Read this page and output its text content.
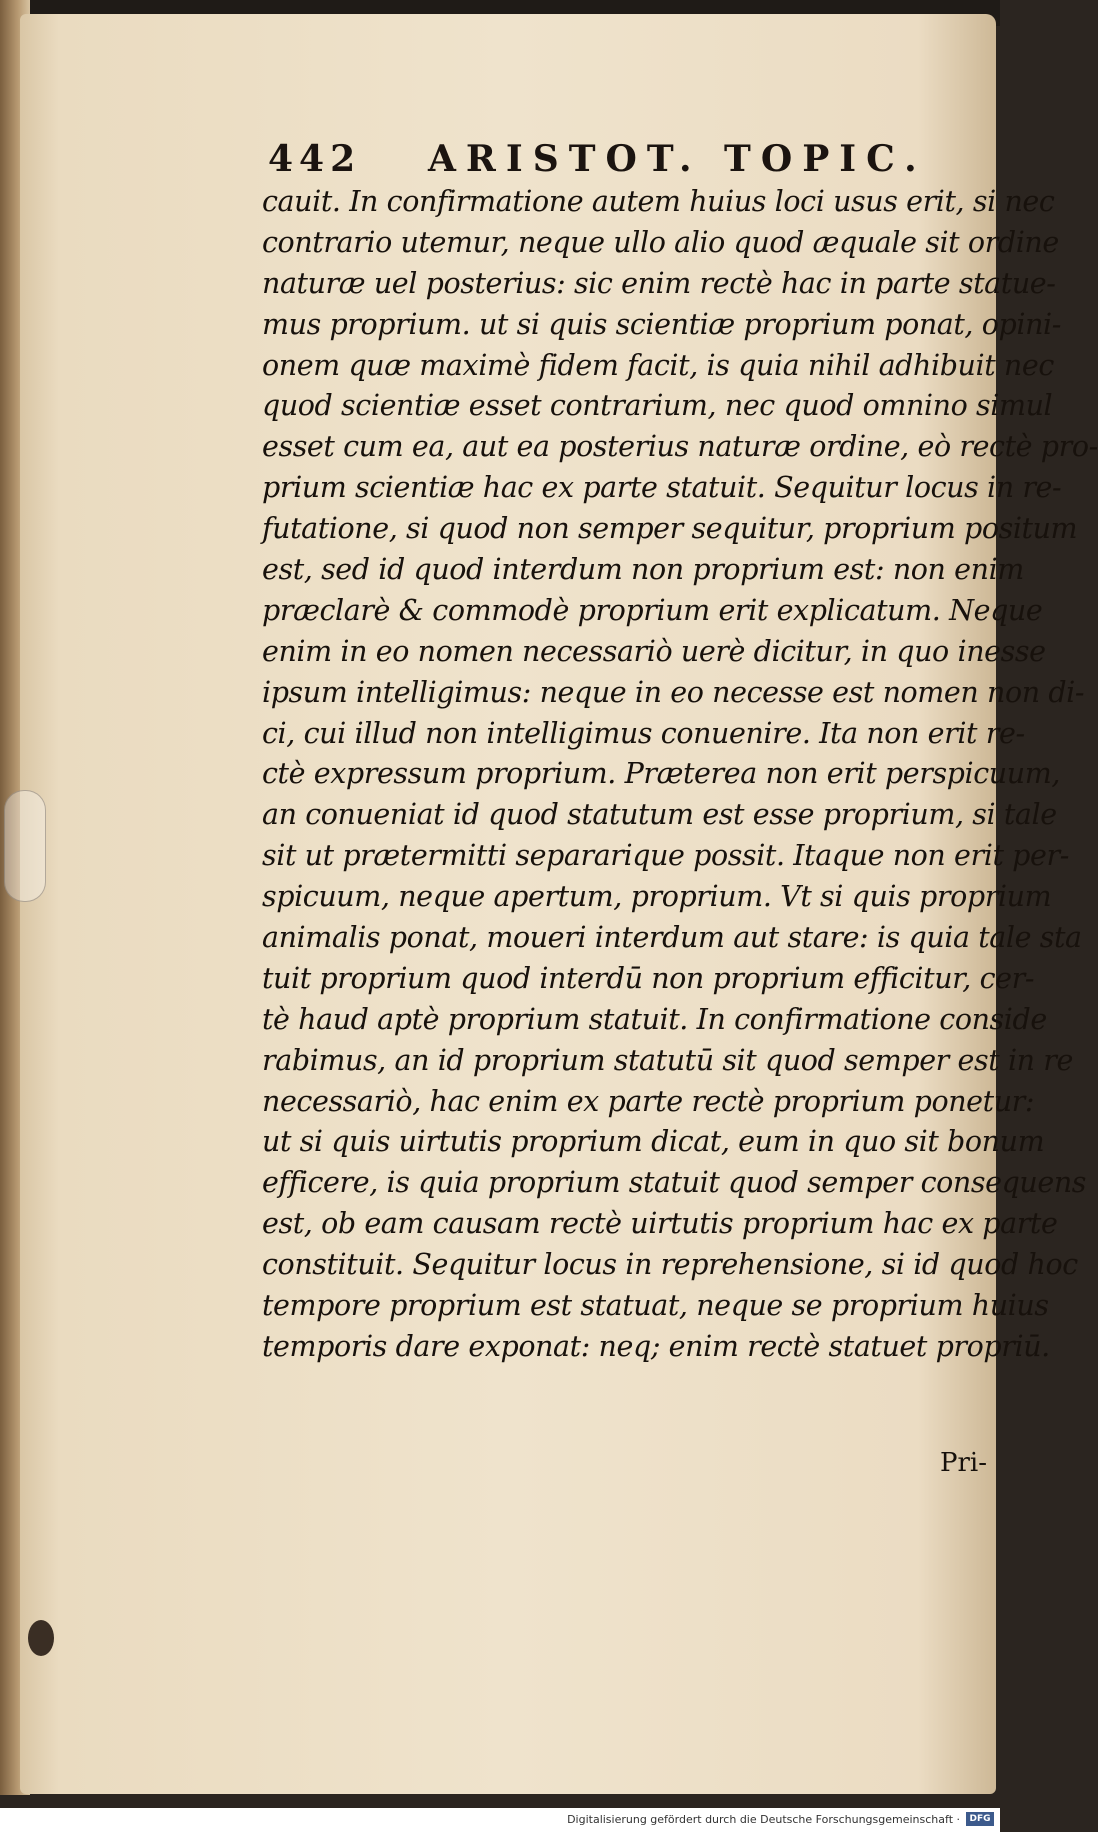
442 ARISTOT. TOPIC.
cauit. In confirmatione autem huius loci usus erit, si nec
contrario utemur, neque ullo alio quod æquale sit ordine
naturæ uel posterius: sic enim rectè hac in parte statue-
mus proprium. ut si quis scientiæ proprium ponat, opini-
onem quæ maximè fidem facit, is quia nihil adhibuit nec
quod scientiæ esset contrarium, nec quod omnino simul
esset cum ea, aut ea posterius naturæ ordine, eò rectè pro-
prium scientiæ hac ex parte statuit. Sequitur locus in re-
futatione, si quod non semper sequitur, proprium positum
est, sed id quod interdum non proprium est: non enim
præclarè & commodè proprium erit explicatum. Neque
enim in eo nomen necessariò uerè dicitur, in quo inesse
ipsum intelligimus: neque in eo necesse est nomen non di-
ci, cui illud non intelligimus conuenire. Ita non erit re-
ctè expressum proprium. Præterea non erit perspicuum,
an conueniat id quod statutum est esse proprium, si tale
sit ut prætermitti separarique possit. Itaque non erit per-
spicuum, neque apertum, proprium. Vt si quis proprium
animalis ponat, moueri interdum aut stare: is quia tale sta
tuit proprium quod interdū non proprium efficitur, cer-
tè haud aptè proprium statuit. In confirmatione conside
rabimus, an id proprium statutū sit quod semper est in re
necessariò, hac enim ex parte rectè proprium ponetur:
ut si quis uirtutis proprium dicat, eum in quo sit bonum
efficere, is quia proprium statuit quod semper consequens
est, ob eam causam rectè uirtutis proprium hac ex parte
constituit. Sequitur locus in reprehensione, si id quod hoc
tempore proprium est statuat, neque se proprium huius
temporis dare exponat: neq; enim rectè statuet propriū.
Pri-
Digitalisierung gefördert durch die Deutsche Forschungsgemeinschaft ·	DFG
